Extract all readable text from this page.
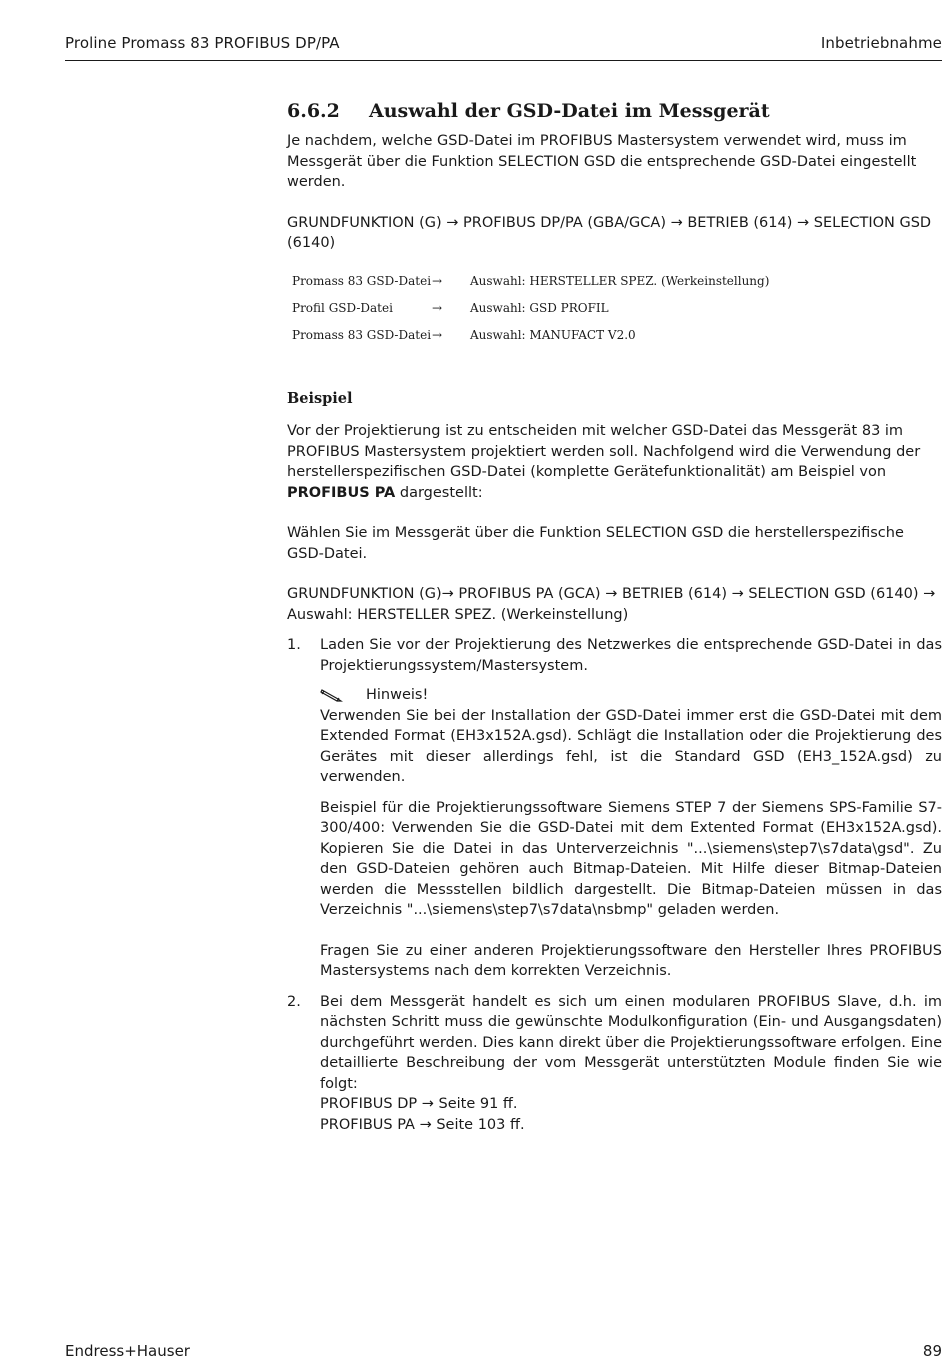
Proline Promass 83 PROFIBUS DP/PA	Inbetriebnahme
6.6.2	Auswahl der GSD-Datei im Messgerät

Je nachdem, welche GSD-Datei im PROFIBUS Mastersystem verwendet wird, muss im Messgerät über die Funktion SELECTION GSD die entsprechende GSD-Datei eingestellt werden.

GRUNDFUNKTION (G) → PROFIBUS DP/PA (GBA/GCA) → BETRIEB (614) → SELECTION GSD (6140)

Promass 83 GSD-Datei →	Auswahl: HERSTELLER SPEZ. (Werkeinstellung)
Profil GSD-Datei	→	Auswahl: GSD PROFIL
Promass 83 GSD-Datei →	Auswahl: MANUFACT V2.0
Beispiel

Vor der Projektierung ist zu entscheiden mit welcher GSD-Datei das Messgerät 83 im PROFIBUS Mastersystem projektiert werden soll. Nachfolgend wird die Verwendung der herstellerspezifischen GSD-Datei (komplette Gerätefunktionalität) am Beispiel von PROFIBUS PA dargestellt:

Wählen Sie im Messgerät über die Funktion SELECTION GSD die herstellerspezifische GSD-Datei.

GRUNDFUNKTION (G)→ PROFIBUS PA (GCA) → BETRIEB (614) → SELECTION GSD (6140) → Auswahl: HERSTELLER SPEZ. (Werkeinstellung)

1.	Laden Sie vor der Projektierung des Netzwerkes die entsprechende GSD-Datei in das Projektierungssystem/Mastersystem.

Hinweis!

Verwenden Sie bei der Installation der GSD-Datei immer erst die GSD-Datei mit dem Extended Format (EH3x152A.gsd). Schlägt die Installation oder die Projektierung des Gerätes mit dieser allerdings fehl, ist die Standard GSD (EH3_152A.gsd) zu verwenden.

Beispiel für die Projektierungssoftware Siemens STEP 7 der Siemens SPS-Familie S7-300/400: Verwenden Sie die GSD-Datei mit dem Extented Format (EH3x152A.gsd). Kopieren Sie die Datei in das Unterverzeichnis "...\siemens\step7\s7data\gsd". Zu den GSD-Dateien gehören auch Bitmap-Dateien. Mit Hilfe dieser Bitmap-Dateien werden die Messstellen bildlich dargestellt. Die Bitmap-Dateien müssen in das Verzeichnis "...\siemens\step7\s7data\nsbmp" geladen werden.

Fragen Sie zu einer anderen Projektierungssoftware den Hersteller Ihres PROFIBUS Mastersystems nach dem korrekten Verzeichnis.

2.	Bei dem Messgerät handelt es sich um einen modularen PROFIBUS Slave, d.h. im nächsten Schritt muss die gewünschte Modulkonfiguration (Ein- und Ausgangsdaten) durchgeführt werden. Dies kann direkt über die Projektierungssoftware erfolgen. Eine detaillierte Beschreibung der vom Messgerät unterstützten Module finden Sie wie folgt:

PROFIBUS DP → Seite 91 ff.

PROFIBUS PA → Seite 103 ff.

Endress+Hauser	89
